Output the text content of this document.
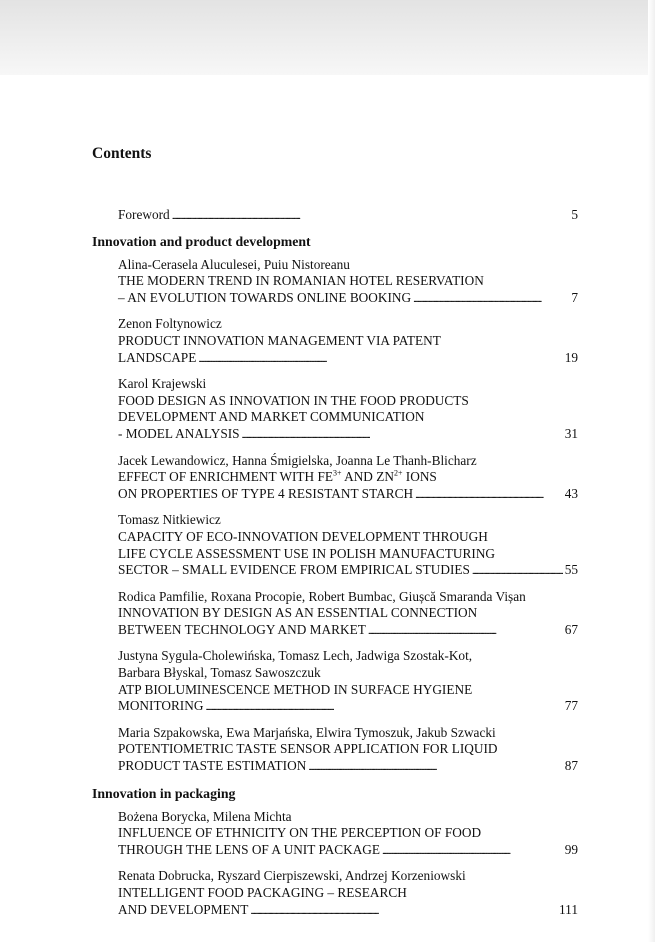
Contents
Foreword . . .	5
Innovation and product development
Alina-Cerasela Aluculesei, Puiu Nistoreanu
THE MODERN TREND IN ROMANIAN HOTEL RESERVATION
– AN EVOLUTION TOWARDS ONLINE BOOKING . . .	7
Zenon Foltynowicz
PRODUCT INNOVATION MANAGEMENT VIA PATENT
LANDSCAPE . . .	19
Karol Krajewski
FOOD DESIGN AS INNOVATION IN THE FOOD PRODUCTS
DEVELOPMENT AND MARKET COMMUNICATION
- MODEL ANALYSIS . . .	31
Jacek Lewandowicz, Hanna Śmigielska, Joanna Le Thanh-Blicharz
EFFECT OF ENRICHMENT WITH $FE^{3+}$ AND $ZN^{2+}$ IONS
ON PROPERTIES OF TYPE 4 RESISTANT STARCH . . .	43
Tomasz Nitkiewicz
CAPACITY OF ECO-INNOVATION DEVELOPMENT THROUGH
LIFE CYCLE ASSESSMENT USE IN POLISH MANUFACTURING
SECTOR – SMALL EVIDENCE FROM EMPIRICAL STUDIES . . .	55
Rodica Pamfilie, Roxana Procopie, Robert Bumbac, Giușcă Smaranda Vișan
INNOVATION BY DESIGN AS AN ESSENTIAL CONNECTION
BETWEEN TECHNOLOGY AND MARKET . . .	67
Justyna Sygula-Cholewińska, Tomasz Lech, Jadwiga Szostak-Kot,
Barbara Błyskal, Tomasz Sawoszczuk
ATP BIOLUMINESCENCE METHOD IN SURFACE HYGIENE
MONITORING . . .	77
Maria Szpakowska, Ewa Marjańska, Elwira Tymoszuk, Jakub Szwacki
POTENTIOMETRIC TASTE SENSOR APPLICATION FOR LIQUID
PRODUCT TASTE ESTIMATION . . .	87
Innovation in packaging
Bożena Borycka, Milena Michta
INFLUENCE OF ETHNICITY ON THE PERCEPTION OF FOOD
THROUGH THE LENS OF A UNIT PACKAGE . . .	99
Renata Dobrucka, Ryszard Cierpiszewski, Andrzej Korzeniowski
INTELLIGENT FOOD PACKAGING – RESEARCH
AND DEVELOPMENT . . .	111
